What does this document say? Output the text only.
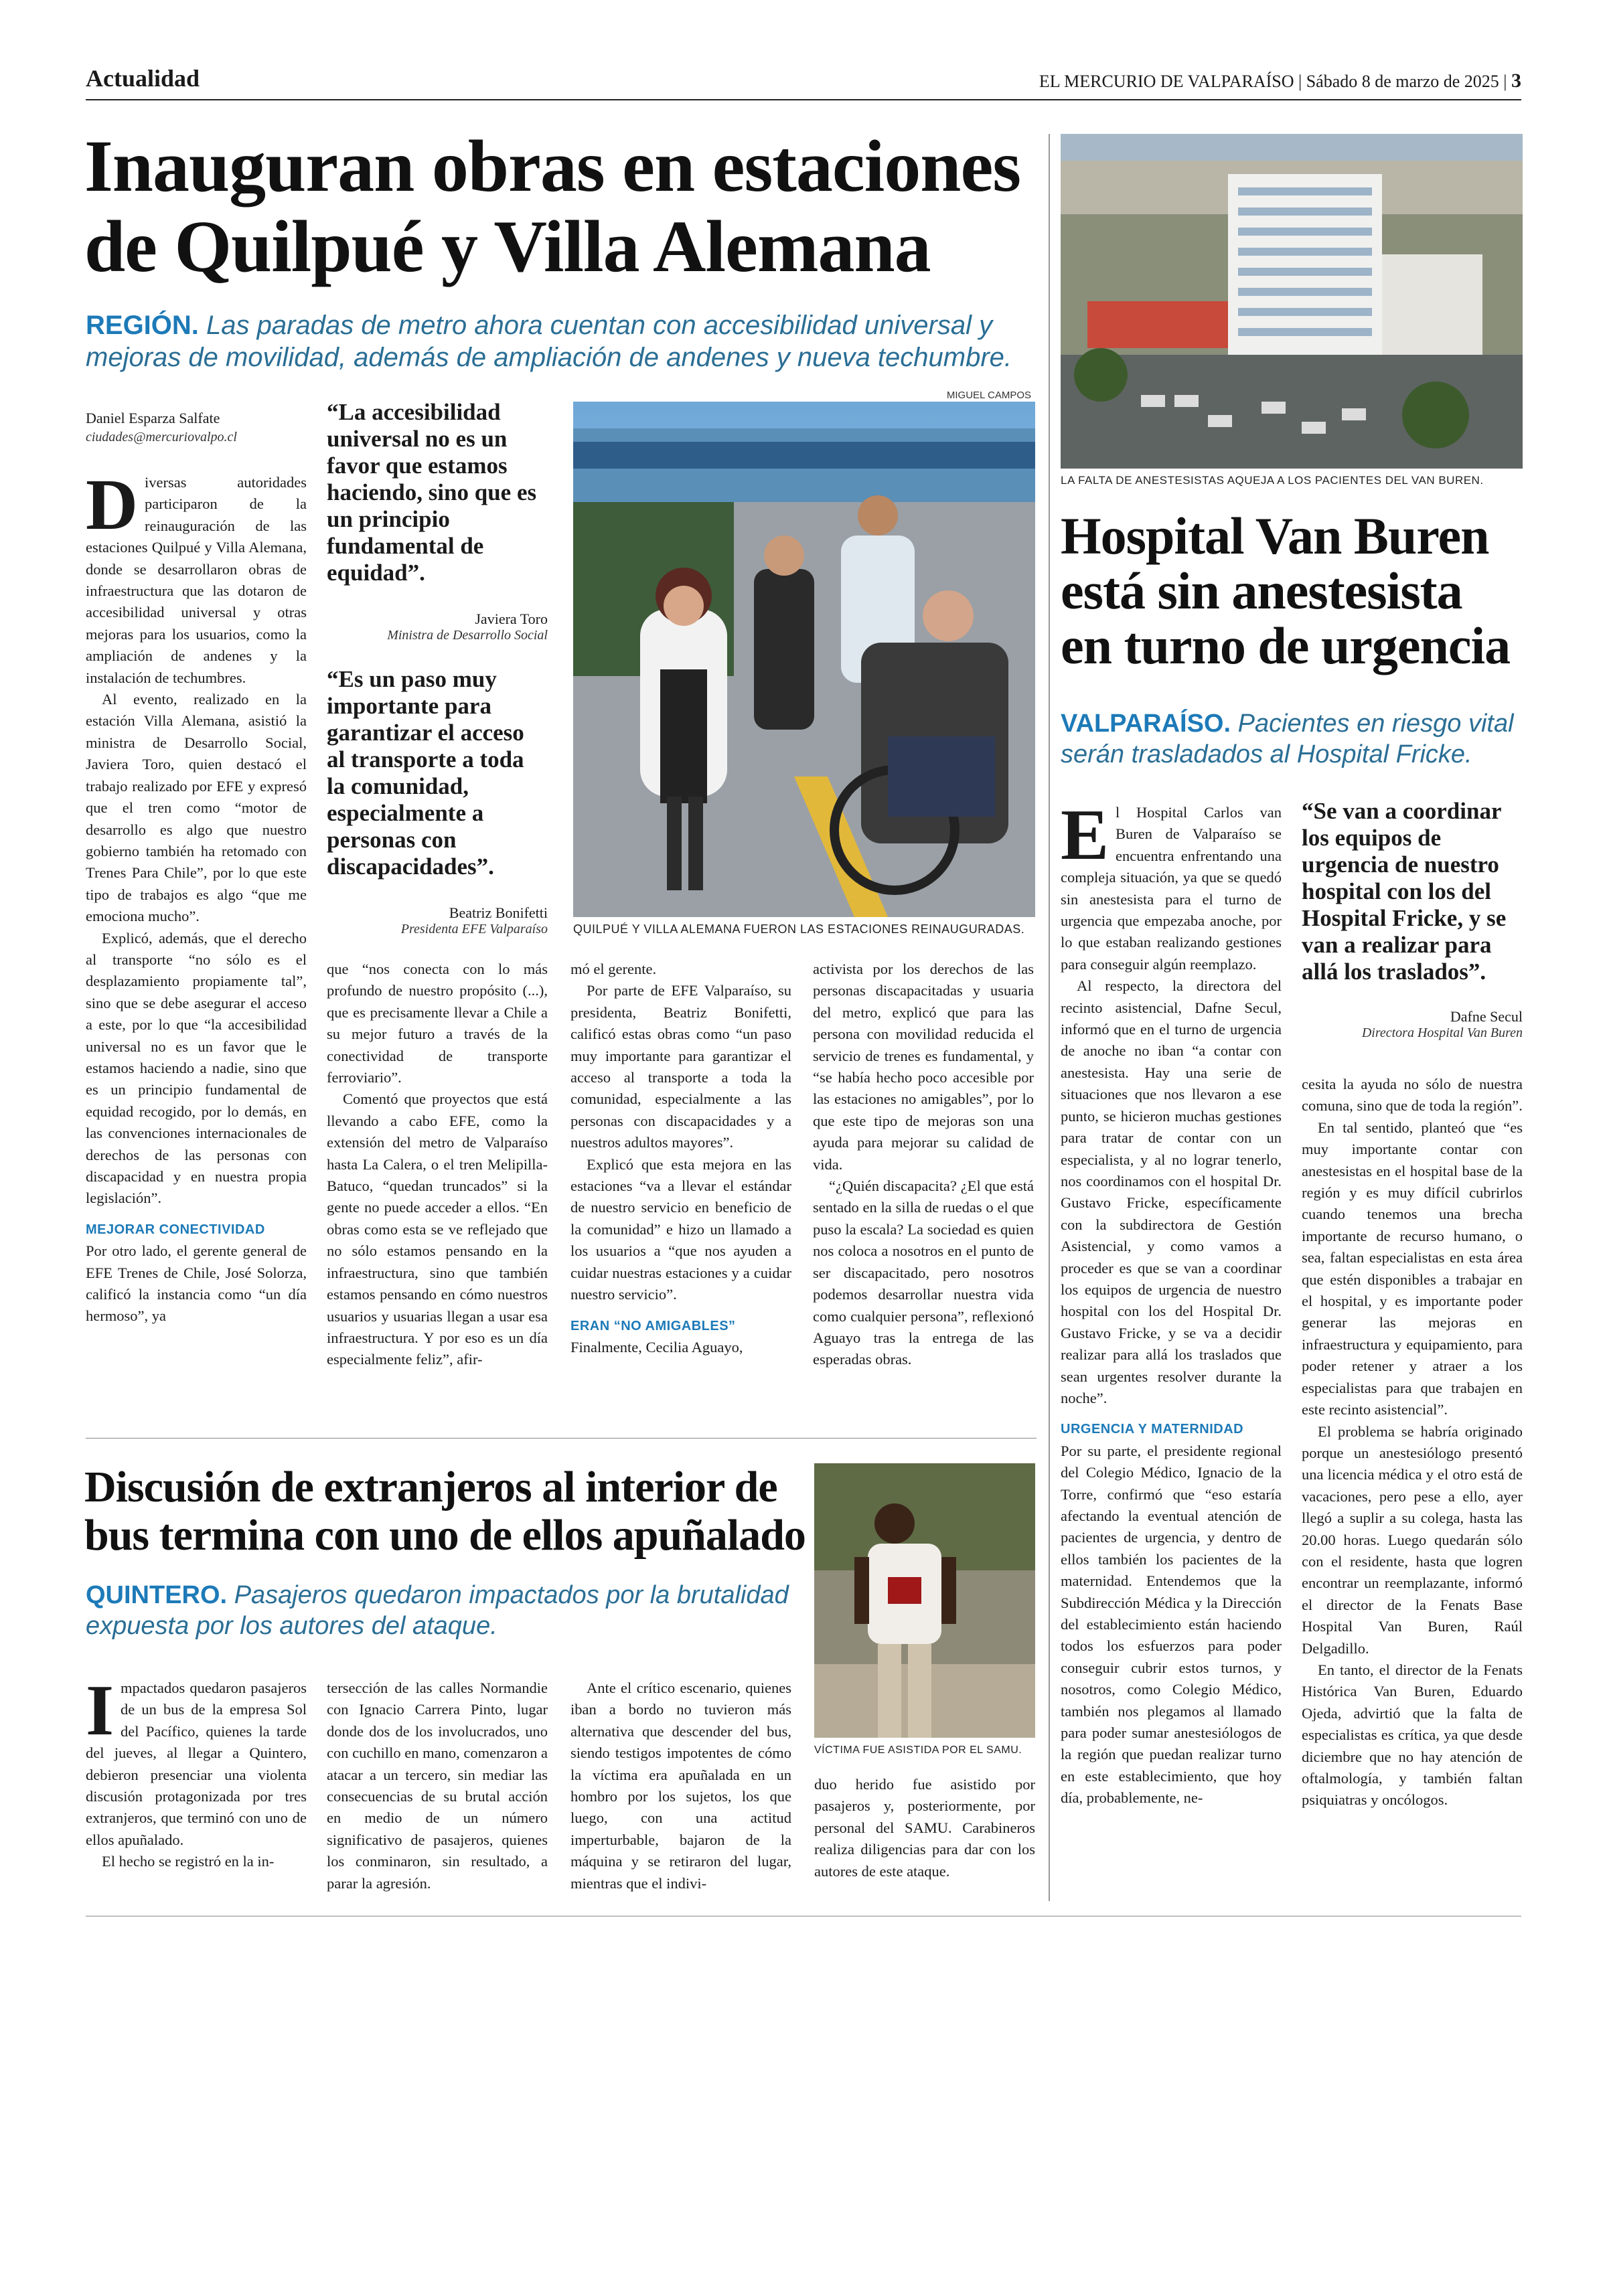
Actualidad	EL MERCURIO DE VALPARAÍSO | Sábado 8 de marzo de 2025 | 3
Inauguran obras en estaciones
de Quilpué y Villa Alemana
REGIÓN. Las paradas de metro ahora cuentan con accesibilidad universal y mejoras de movilidad, además de ampliación de andenes y nueva techumbre.
Daniel Esparza Salfate
ciudades@mercuriovalpo.cl

Diversas autoridades participaron de la reinauguración de las estaciones Quilpué y Villa Alemana, donde se desarrollaron obras de infraestructura que las dotaron de accesibilidad universal y otras mejoras para los usuarios, como la ampliación de andenes y la instalación de techumbres.

Al evento, realizado en la estación Villa Alemana, asistió la ministra de Desarrollo Social, Javiera Toro, quien destacó el trabajo realizado por EFE y expresó que el tren como “motor de desarrollo es algo que nuestro gobierno también ha retomado con Trenes Para Chile”, por lo que este tipo de trabajos es algo “que me emociona mucho”.

Explicó, además, que el derecho al transporte “no sólo es el desplazamiento propiamente tal”, sino que se debe asegurar el acceso a este, por lo que “la accesibilidad universal no es un favor que le estamos haciendo a nadie, sino que es un principio fundamental de equidad recogido, por lo demás, en las convenciones internacionales de derechos de las personas con discapacidad y en nuestra propia legislación”.

MEJORAR CONECTIVIDAD

Por otro lado, el gerente general de EFE Trenes de Chile, José Solorza, calificó la instancia como “un día hermoso”, ya

“La accesibilidad universal no es un favor que estamos haciendo, sino que es un principio fundamental de equidad”.
Javiera Toro
Ministra de Desarrollo Social
“Es un paso muy importante para garantizar el acceso al transporte a toda la comunidad, especialmente a personas con discapacidades”.
Beatriz Bonifetti
Presidenta EFE Valparaíso
MIGUEL CAMPOS
QUILPUÉ Y VILLA ALEMANA FUERON LAS ESTACIONES REINAUGURADAS.

que “nos conecta con lo más profundo de nuestro propósito (...), que es precisamente llevar a Chile a su mejor futuro a través de la conectividad de transporte ferroviario”.

Comentó que proyectos que está llevando a cabo EFE, como la extensión del metro de Valparaíso hasta La Calera, o el tren Melipilla-Batuco, “quedan truncados” si la gente no puede acceder a ellos. “En obras como esta se ve reflejado que no sólo estamos pensando en la infraestructura, sino que también estamos pensando en cómo nuestros usuarios y usuarias llegan a usar esa infraestructura. Y por eso es un día especialmente feliz”, afir-

mó el gerente.

Por parte de EFE Valparaíso, su presidenta, Beatriz Bonifetti, calificó estas obras como “un paso muy importante para garantizar el acceso al transporte a toda la comunidad, especialmente a las personas con discapacidades y a nuestros adultos mayores”.

Explicó que esta mejora en las estaciones “va a llevar el estándar de nuestro servicio en beneficio de la comunidad” e hizo un llamado a los usuarios a “que nos ayuden a cuidar nuestras estaciones y a cuidar nuestro servicio”.

ERAN “NO AMIGABLES”

Finalmente, Cecilia Aguayo,

activista por los derechos de las personas discapacitadas y usuaria del metro, explicó que para las persona con movilidad reducida el servicio de trenes es fundamental, y “se había hecho poco accesible por las estaciones no amigables”, por lo que este tipo de mejoras son una ayuda para mejorar su calidad de vida.

“¿Quién discapacita? ¿El que está sentado en la silla de ruedas o el que puso la escala? La sociedad es quien nos coloca a nosotros en el punto de ser discapacitado, pero nosotros podemos desarrollar nuestra vida como cualquier persona”, reflexionó Aguayo tras la entrega de las esperadas obras.

LA FALTA DE ANESTESISTAS AQUEJA A LOS PACIENTES DEL VAN BUREN.
Hospital Van Buren
está sin anestesista
en turno de urgencia
VALPARAÍSO. Pacientes en riesgo vital serán trasladados al Hospital Fricke.

El Hospital Carlos van Buren de Valparaíso se encuentra enfrentando una compleja situación, ya que se quedó sin anestesista para el turno de urgencia que empezaba anoche, por lo que estaban realizando gestiones para conseguir algún reemplazo.

Al respecto, la directora del recinto asistencial, Dafne Secul, informó que en el turno de urgencia de anoche no iban “a contar con anestesista. Hay una serie de situaciones que nos llevaron a ese punto, se hicieron muchas gestiones para tratar de contar con un especialista, y al no lograr tenerlo, nos coordinamos con el hospital Dr. Gustavo Fricke, específicamente con la subdirectora de Gestión Asistencial, y como vamos a proceder es que se van a coordinar los equipos de urgencia de nuestro hospital con los del Hospital Dr. Gustavo Fricke, y se va a decidir realizar para allá los traslados que sean urgentes resolver durante la noche”.

URGENCIA Y MATERNIDAD

Por su parte, el presidente regional del Colegio Médico, Ignacio de la Torre, confirmó que “eso estaría afectando la eventual atención de pacientes de urgencia, y dentro de ellos también los pacientes de la maternidad. Entendemos que la Subdirección Médica y la Dirección del establecimiento están haciendo todos los esfuerzos para poder conseguir cubrir estos turnos, y nosotros, como Colegio Médico, también nos plegamos al llamado para poder sumar anestesiólogos de la región que puedan realizar turno en este establecimiento, que hoy día, probablemente, ne-

“Se van a coordinar los equipos de urgencia de nuestro hospital con los del Hospital Fricke, y se van a realizar para allá los traslados”.
Dafne Secul
Directora Hospital Van Buren

cesita la ayuda no sólo de nuestra comuna, sino que de toda la región”.

En tal sentido, planteó que “es muy importante contar con anestesistas en el hospital base de la región y es muy difícil cubrirlos cuando tenemos una brecha importante de recurso humano, o sea, faltan especialistas en esta área que estén disponibles a trabajar en el hospital, y es importante poder generar las mejoras en infraestructura y equipamiento, para poder retener y atraer a los especialistas para que trabajen en este recinto asistencial”.

El problema se habría originado porque un anestesiólogo presentó una licencia médica y el otro está de vacaciones, pero pese a ello, ayer llegó a suplir a su colega, hasta las 20.00 horas. Luego quedarán sólo con el residente, hasta que logren encontrar un reemplazante, informó el director de la Fenats Base Hospital Van Buren, Raúl Delgadillo.

En tanto, el director de la Fenats Histórica Van Buren, Eduardo Ojeda, advirtió que la falta de especialistas es crítica, ya que desde diciembre que no hay atención de oftalmología, y también faltan psiquiatras y oncólogos.

Discusión de extranjeros al interior de
bus termina con uno de ellos apuñalado
QUINTERO. Pasajeros quedaron impactados por la brutalidad expuesta por los autores del ataque.

Impactados quedaron pasajeros de un bus de la empresa Sol del Pacífico, quienes la tarde del jueves, al llegar a Quintero, debieron presenciar una violenta discusión protagonizada por tres extranjeros, que terminó con uno de ellos apuñalado.

El hecho se registró en la in-

tersección de las calles Normandie con Ignacio Carrera Pinto, lugar donde dos de los involucrados, uno con cuchillo en mano, comenzaron a atacar a un tercero, sin mediar las consecuencias de su brutal acción en medio de un número significativo de pasajeros, quienes los conminaron, sin resultado, a parar la agresión.

Ante el crítico escenario, quienes iban a bordo no tuvieron más alternativa que descender del bus, siendo testigos impotentes de cómo la víctima era apuñalada en un hombro por los sujetos, los que luego, con una actitud imperturbable, bajaron de la máquina y se retiraron del lugar, mientras que el indivi-

VÍCTIMA FUE ASISTIDA POR EL SAMU.

duo herido fue asistido por pasajeros y, posteriormente, por personal del SAMU. Carabineros realiza diligencias para dar con los autores de este ataque.
